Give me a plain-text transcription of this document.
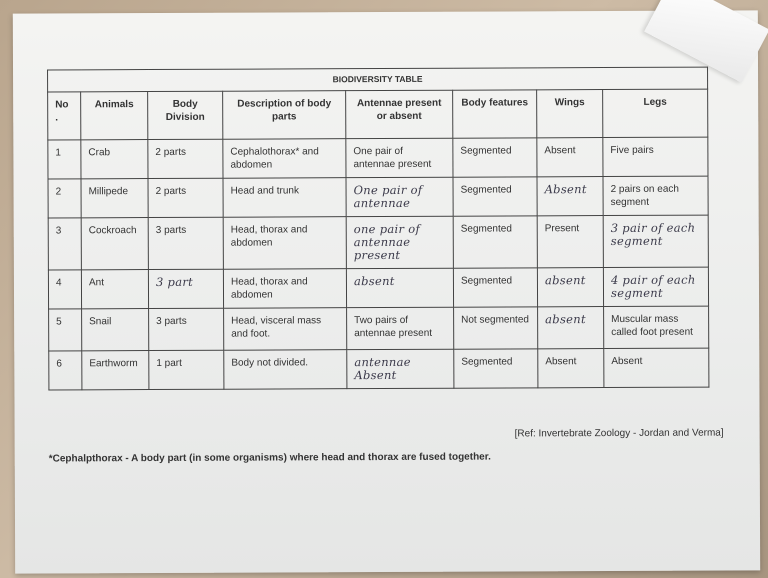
BIODIVERSITY TABLE							
No .	Animals	Body Division	Description of body parts	Antennae present or absent	Body features	Wings	Legs
1	Crab	2 parts	Cephalothorax* and abdomen	One pair of antennae present	Segmented	Absent	Five pairs
2	Millipede	2 parts	Head and trunk	One pair of antennae	Segmented	Absent	2 pairs on each segment
3	Cockroach	3 parts	Head, thorax and abdomen	one pair of antennae present	Segmented	Present	3 pair of each segment
4	Ant	3 part	Head, thorax and abdomen	absent	Segmented	absent	4 pair of each segment
5	Snail	3 parts	Head, visceral mass and foot.	Two pairs of antennae present	Not segmented	absent	Muscular mass called foot present
6	Earthworm	1 part	Body not divided.	antennae Absent	Segmented	Absent	Absent
[Ref: Invertebrate Zoology - Jordan and Verma]
*Cephalpthorax - A body part (in some organisms) where head and thorax are fused together.
